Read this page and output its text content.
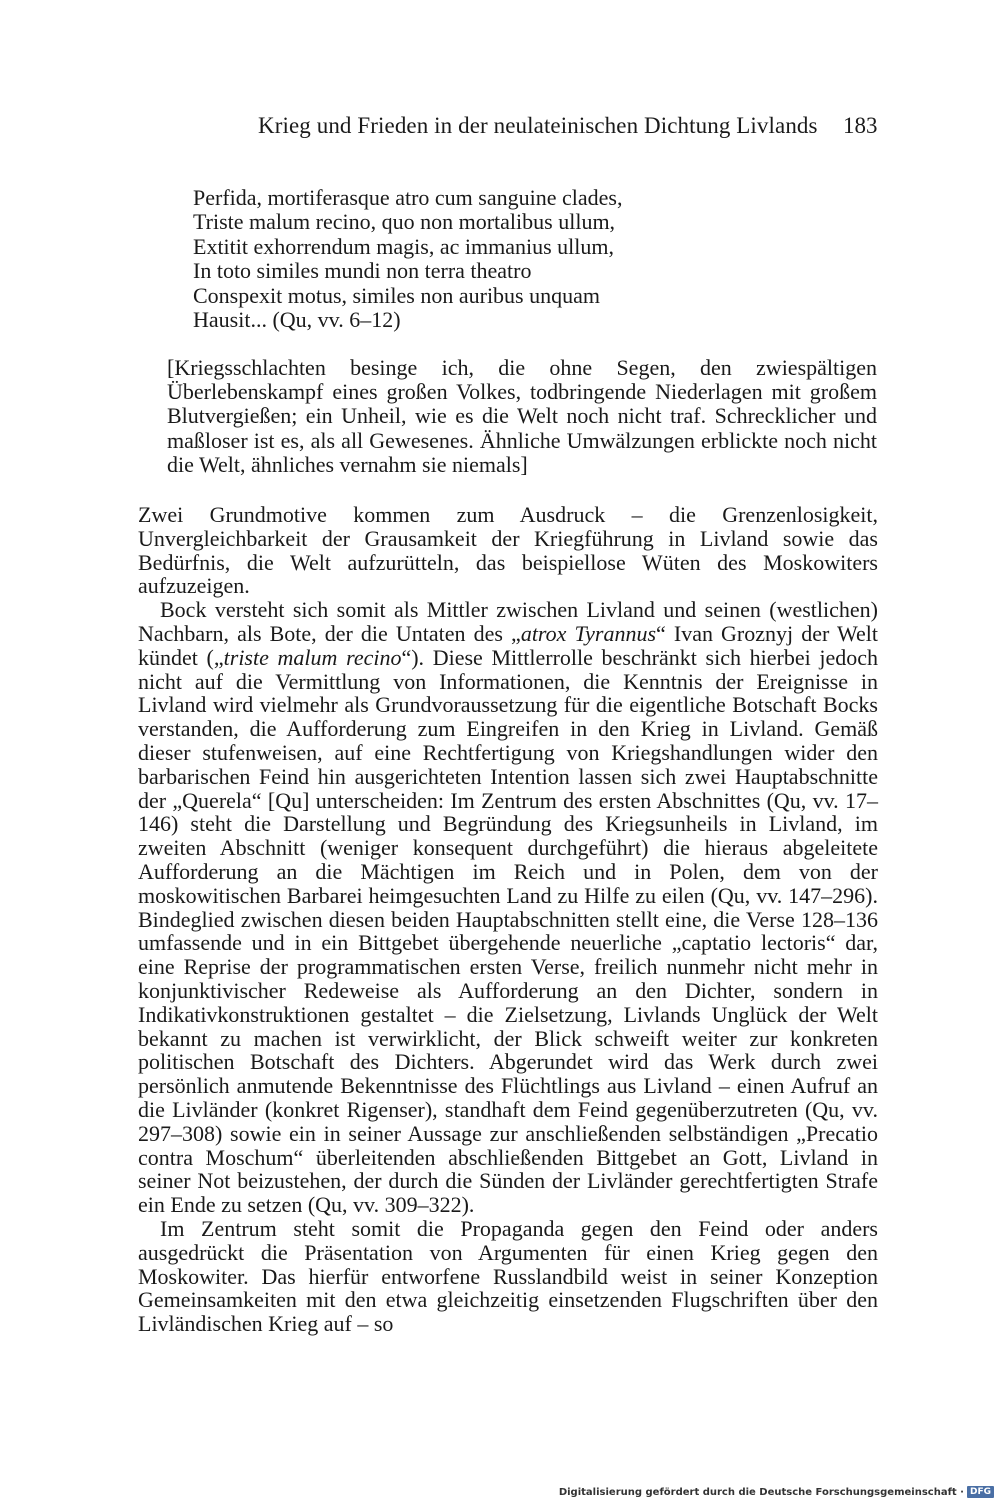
Krieg und Frieden in der neulateinischen Dichtung Livlands 183
Perfida, mortiferasque atro cum sanguine clades,
Triste malum recino, quo non mortalibus ullum,
Extitit exhorrendum magis, ac immanius ullum,
In toto similes mundi non terra theatro
Conspexit motus, similes non auribus unquam
Hausit... (Qu, vv. 6–12)
[Kriegsschlachten besinge ich, die ohne Segen, den zwiespältigen Überlebenskampf eines großen Volkes, todbringende Niederlagen mit großem Blutvergießen; ein Unheil, wie es die Welt noch nicht traf. Schrecklicher und maßloser ist es, als all Gewesenes. Ähnliche Umwälzungen erblickte noch nicht die Welt, ähnliches vernahm sie niemals]

Zwei Grundmotive kommen zum Ausdruck – die Grenzenlosigkeit, Unvergleichbarkeit der Grausamkeit der Kriegführung in Livland sowie das Bedürfnis, die Welt aufzurütteln, das beispiellose Wüten des Moskowiters aufzuzeigen.

Bock versteht sich somit als Mittler zwischen Livland und seinen (westlichen) Nachbarn, als Bote, der die Untaten des „atrox Tyrannus“ Ivan Groznyj der Welt kündet („triste malum recino“). Diese Mittlerrolle beschränkt sich hierbei jedoch nicht auf die Vermittlung von Informationen, die Kenntnis der Ereignisse in Livland wird vielmehr als Grundvoraussetzung für die eigentliche Botschaft Bocks verstanden, die Aufforderung zum Eingreifen in den Krieg in Livland. Gemäß dieser stufenweisen, auf eine Rechtfertigung von Kriegshandlungen wider den barbarischen Feind hin ausgerichteten Intention lassen sich zwei Hauptabschnitte der „Querela“ [Qu] unterscheiden: Im Zentrum des ersten Abschnittes (Qu, vv. 17–146) steht die Darstellung und Begründung des Kriegsunheils in Livland, im zweiten Abschnitt (weniger konsequent durchgeführt) die hieraus abgeleitete Aufforderung an die Mächtigen im Reich und in Polen, dem von der moskowitischen Barbarei heimgesuchten Land zu Hilfe zu eilen (Qu, vv. 147–296). Bindeglied zwischen diesen beiden Hauptabschnitten stellt eine, die Verse 128–136 umfassende und in ein Bittgebet übergehende neuerliche „captatio lectoris“ dar, eine Reprise der programmatischen ersten Verse, freilich nunmehr nicht mehr in konjunktivischer Redeweise als Aufforderung an den Dichter, sondern in Indikativkonstruktionen gestaltet – die Zielsetzung, Livlands Unglück der Welt bekannt zu machen ist verwirklicht, der Blick schweift weiter zur konkreten politischen Botschaft des Dichters. Abgerundet wird das Werk durch zwei persönlich anmutende Bekenntnisse des Flüchtlings aus Livland – einen Aufruf an die Livländer (konkret Rigenser), standhaft dem Feind gegenüberzutreten (Qu, vv. 297–308) sowie ein in seiner Aussage zur anschließenden selbständigen „Precatio contra Moschum“ überleitenden abschließenden Bittgebet an Gott, Livland in seiner Not beizustehen, der durch die Sünden der Livländer gerechtfertigten Strafe ein Ende zu setzen (Qu, vv. 309–322).

Im Zentrum steht somit die Propaganda gegen den Feind oder anders ausgedrückt die Präsentation von Argumenten für einen Krieg gegen den Moskowiter. Das hierfür entworfene Russlandbild weist in seiner Konzeption Gemeinsamkeiten mit den etwa gleichzeitig einsetzenden Flugschriften über den Livländischen Krieg auf – so

Digitalisierung gefördert durch die Deutsche Forschungsgemeinschaft · DFG
